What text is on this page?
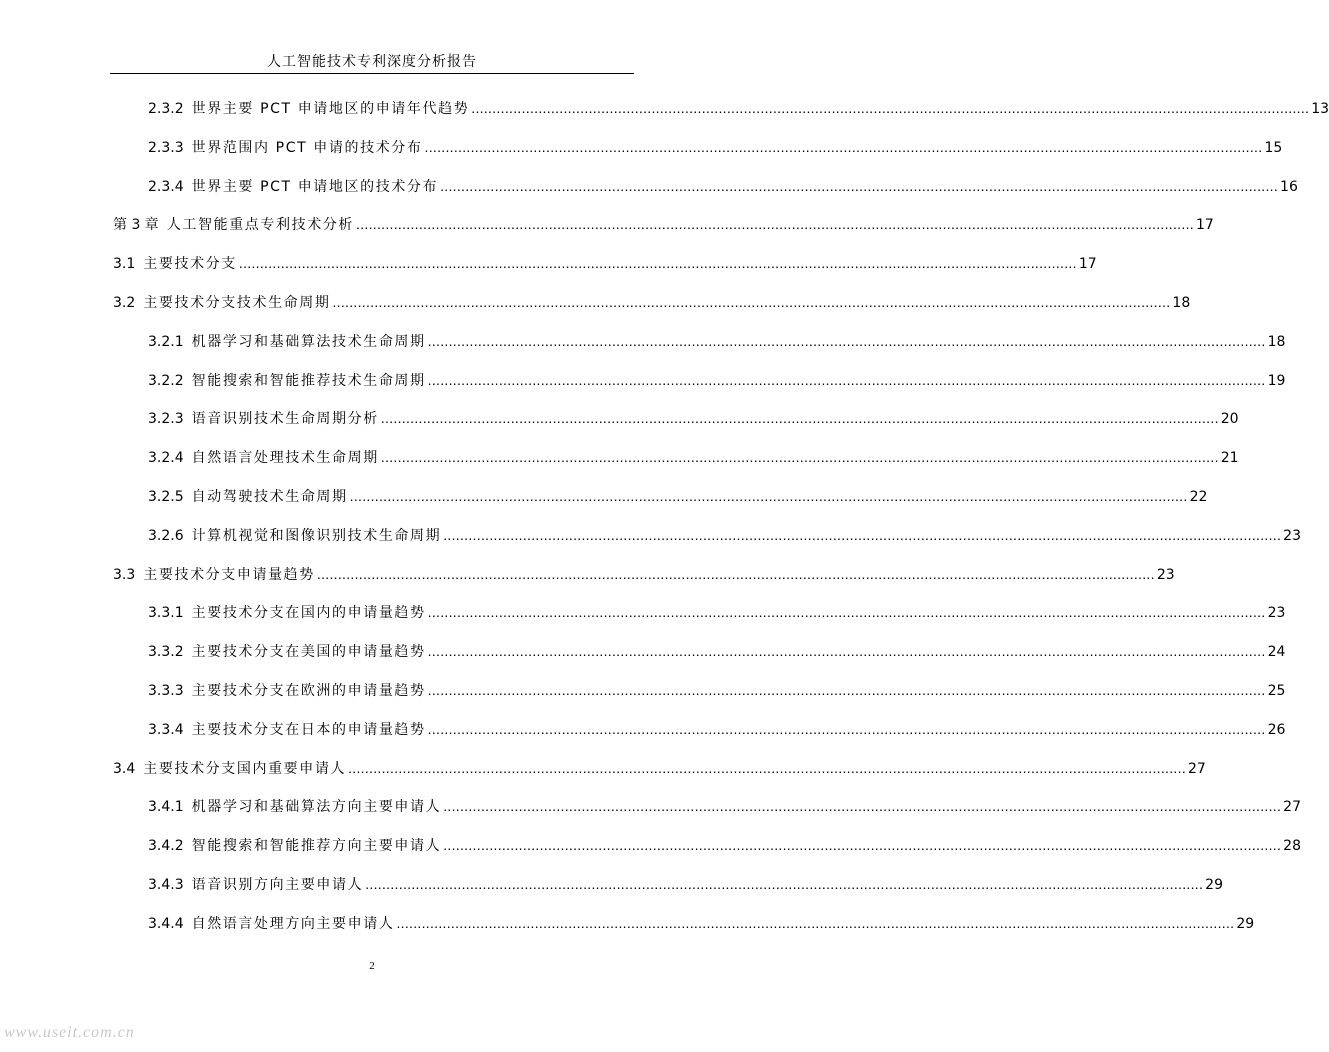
人工智能技术专利深度分析报告
2.3.2 世界主要 PCT 申请地区的申请年代趋势 ........................................................................................................................................................................................................ 13
2.3.3 世界范围内 PCT 申请的技术分布 ........................................................................................................................................................................................................ 15
2.3.4 世界主要 PCT 申请地区的技术分布 ........................................................................................................................................................................................................ 16
第 3 章 人工智能重点专利技术分析 ........................................................................................................................................................................................................ 17
3.1 主要技术分支 ........................................................................................................................................................................................................ 17
3.2 主要技术分支技术生命周期 ........................................................................................................................................................................................................ 18
3.2.1 机器学习和基础算法技术生命周期 ........................................................................................................................................................................................................ 18
3.2.2 智能搜索和智能推荐技术生命周期 ........................................................................................................................................................................................................ 19
3.2.3 语音识别技术生命周期分析 ........................................................................................................................................................................................................ 20
3.2.4 自然语言处理技术生命周期 ........................................................................................................................................................................................................ 21
3.2.5 自动驾驶技术生命周期 ........................................................................................................................................................................................................ 22
3.2.6 计算机视觉和图像识别技术生命周期 ........................................................................................................................................................................................................ 23
3.3 主要技术分支申请量趋势 ........................................................................................................................................................................................................ 23
3.3.1 主要技术分支在国内的申请量趋势 ........................................................................................................................................................................................................ 23
3.3.2 主要技术分支在美国的申请量趋势 ........................................................................................................................................................................................................ 24
3.3.3 主要技术分支在欧洲的申请量趋势 ........................................................................................................................................................................................................ 25
3.3.4 主要技术分支在日本的申请量趋势 ........................................................................................................................................................................................................ 26
3.4 主要技术分支国内重要申请人 ........................................................................................................................................................................................................ 27
3.4.1 机器学习和基础算法方向主要申请人 ........................................................................................................................................................................................................ 27
3.4.2 智能搜索和智能推荐方向主要申请人 ........................................................................................................................................................................................................ 28
3.4.3 语音识别方向主要申请人 ........................................................................................................................................................................................................ 29
3.4.4 自然语言处理方向主要申请人 ........................................................................................................................................................................................................ 29
2
www.useit.com.cn
